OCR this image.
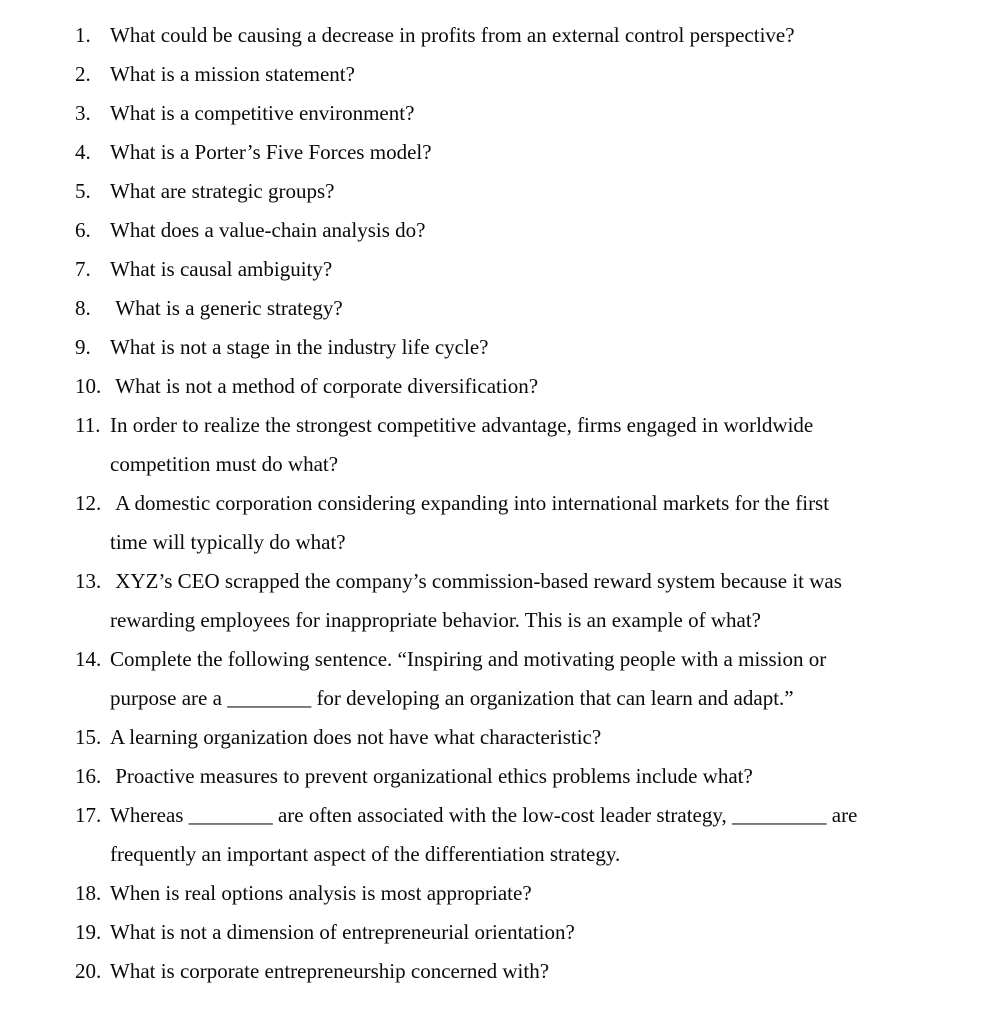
1. What could be causing a decrease in profits from an external control perspective?
2. What is a mission statement?
3. What is a competitive environment?
4. What is a Porter’s Five Forces model?
5. What are strategic groups?
6. What does a value-chain analysis do?
7. What is causal ambiguity?
8. What is a generic strategy?
9. What is not a stage in the industry life cycle?
10. What is not a method of corporate diversification?
11. In order to realize the strongest competitive advantage, firms engaged in worldwide
competition must do what?
12. A domestic corporation considering expanding into international markets for the first
time will typically do what?
13. XYZ’s CEO scrapped the company’s commission-based reward system because it was
rewarding employees for inappropriate behavior. This is an example of what?
14. Complete the following sentence. “Inspiring and motivating people with a mission or
purpose are a ________ for developing an organization that can learn and adapt.”
15. A learning organization does not have what characteristic?
16. Proactive measures to prevent organizational ethics problems include what?
17. Whereas ________ are often associated with the low-cost leader strategy, _________ are
frequently an important aspect of the differentiation strategy.
18. When is real options analysis is most appropriate?
19. What is not a dimension of entrepreneurial orientation?
20. What is corporate entrepreneurship concerned with?
